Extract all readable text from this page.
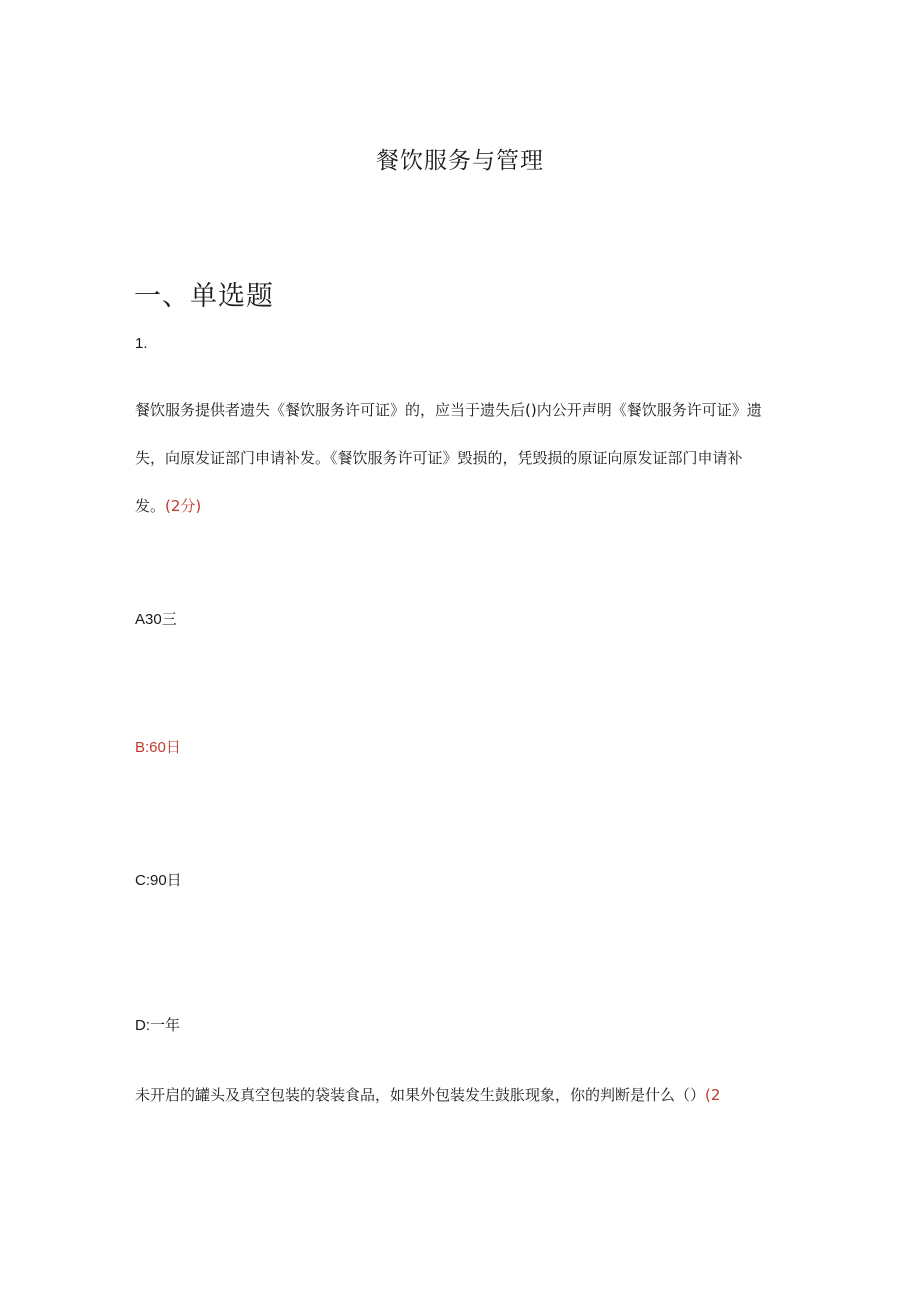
餐饮服务与管理
一、单选题
1.
餐饮服务提供者遗失《餐饮服务许可证》的，应当于遗失后()内公开声明《餐饮服务许可证》遗
失，向原发证部门申请补发。《餐饮服务许可证》毁损的，凭毁损的原证向原发证部门申请补
发。(2分)
A30三
B:60日
C:90日
D:一年
未开启的罐头及真空包装的袋装食品，如果外包装发生鼓胀现象，你的判断是什么（）(2
